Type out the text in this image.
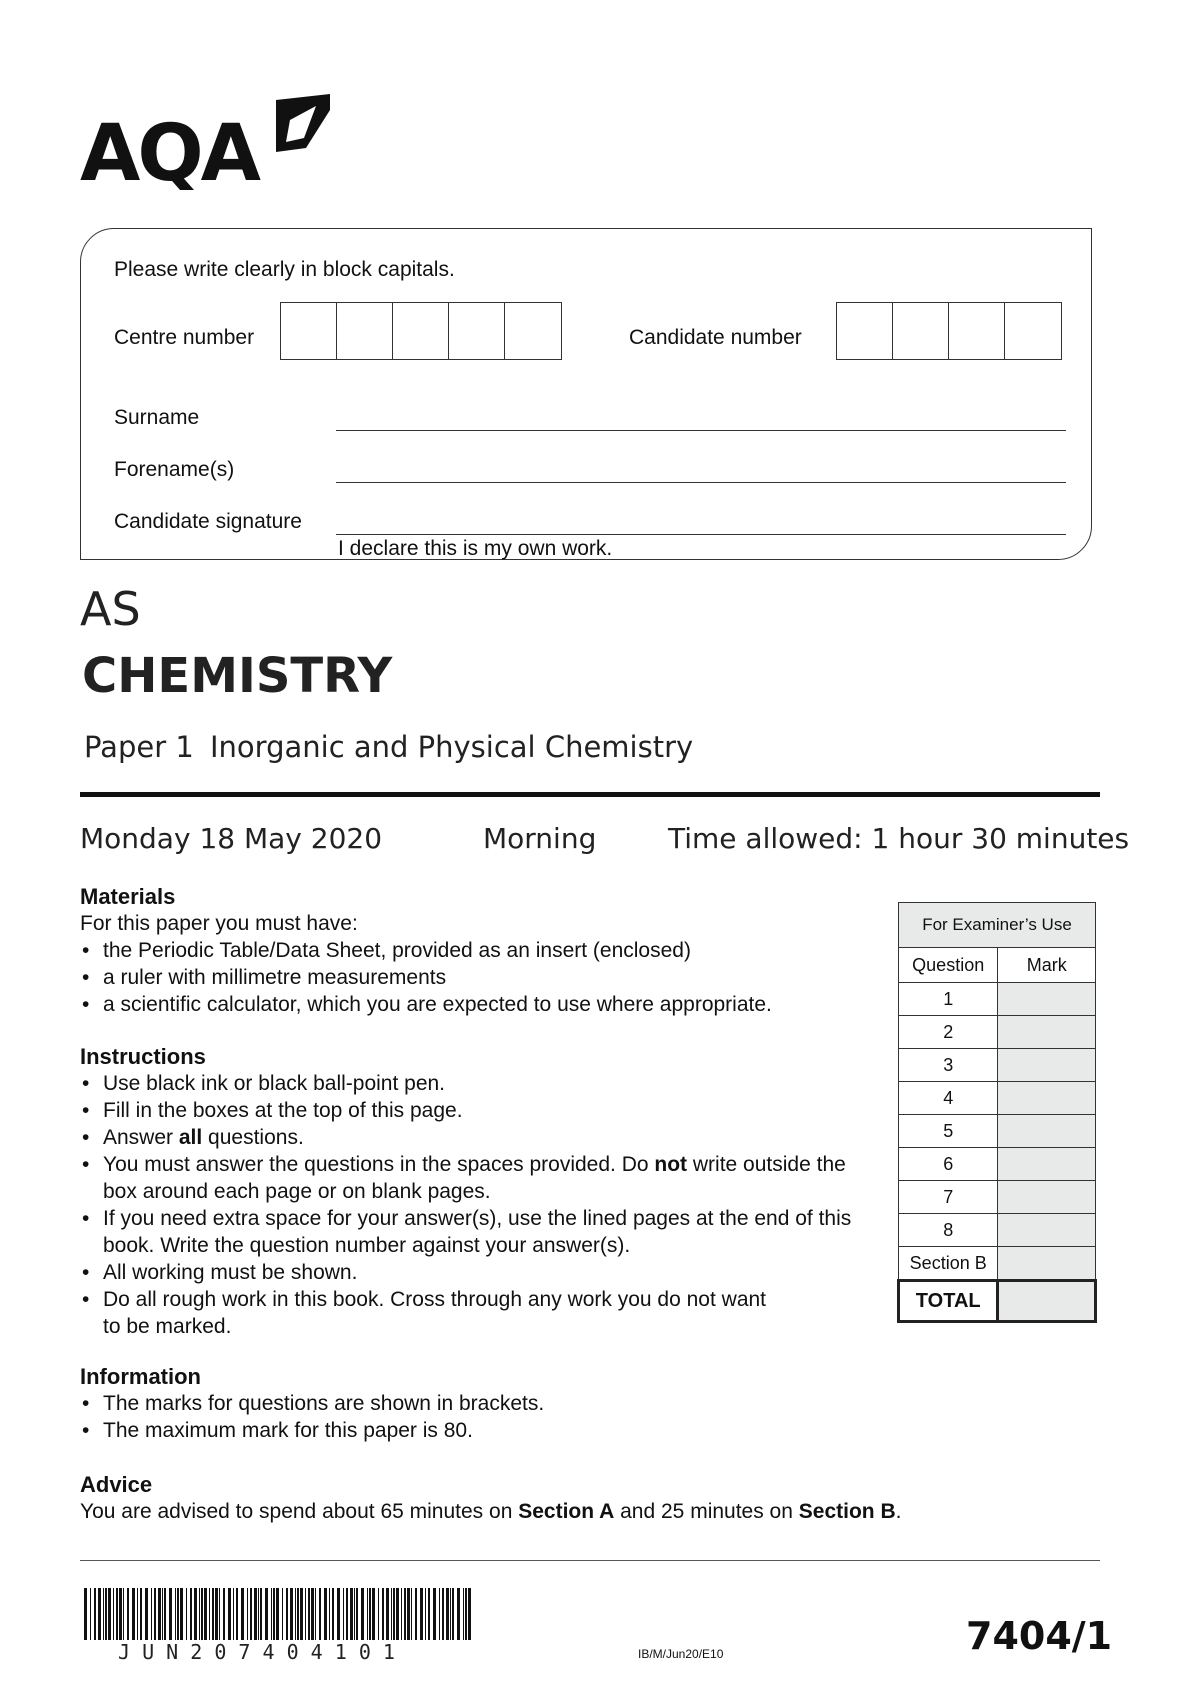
AQA
Please write clearly in block capitals.
Centre number	Candidate number
Surname
Forename(s)
Candidate signature
I declare this is my own work.
AS
CHEMISTRY
Paper 1 Inorganic and Physical Chemistry
Monday 18 May 2020	Morning	Time allowed: 1 hour 30 minutes
Materials
For this paper you must have:
• the Periodic Table/Data Sheet, provided as an insert (enclosed)
• a ruler with millimetre measurements
• a scientific calculator, which you are expected to use where appropriate.
Instructions
• Use black ink or black ball-point pen.
• Fill in the boxes at the top of this page.
• Answer all questions.
• You must answer the questions in the spaces provided. Do not write outside the box around each page or on blank pages.
• If you need extra space for your answer(s), use the lined pages at the end of this book. Write the question number against your answer(s).
• All working must be shown.
• Do all rough work in this book. Cross through any work you do not want to be marked.
Information
• The marks for questions are shown in brackets.
• The maximum mark for this paper is 80.
Advice
You are advised to spend about 65 minutes on Section A and 25 minutes on Section B.
For Examiner’s Use	
Question	Mark
1	
2	
3	
4	
5	
6	
7	
8	
Section B	
TOTAL	
J U N 2 0 7 4 0 4 1 0 1	IB/M/Jun20/E10	7404/1
